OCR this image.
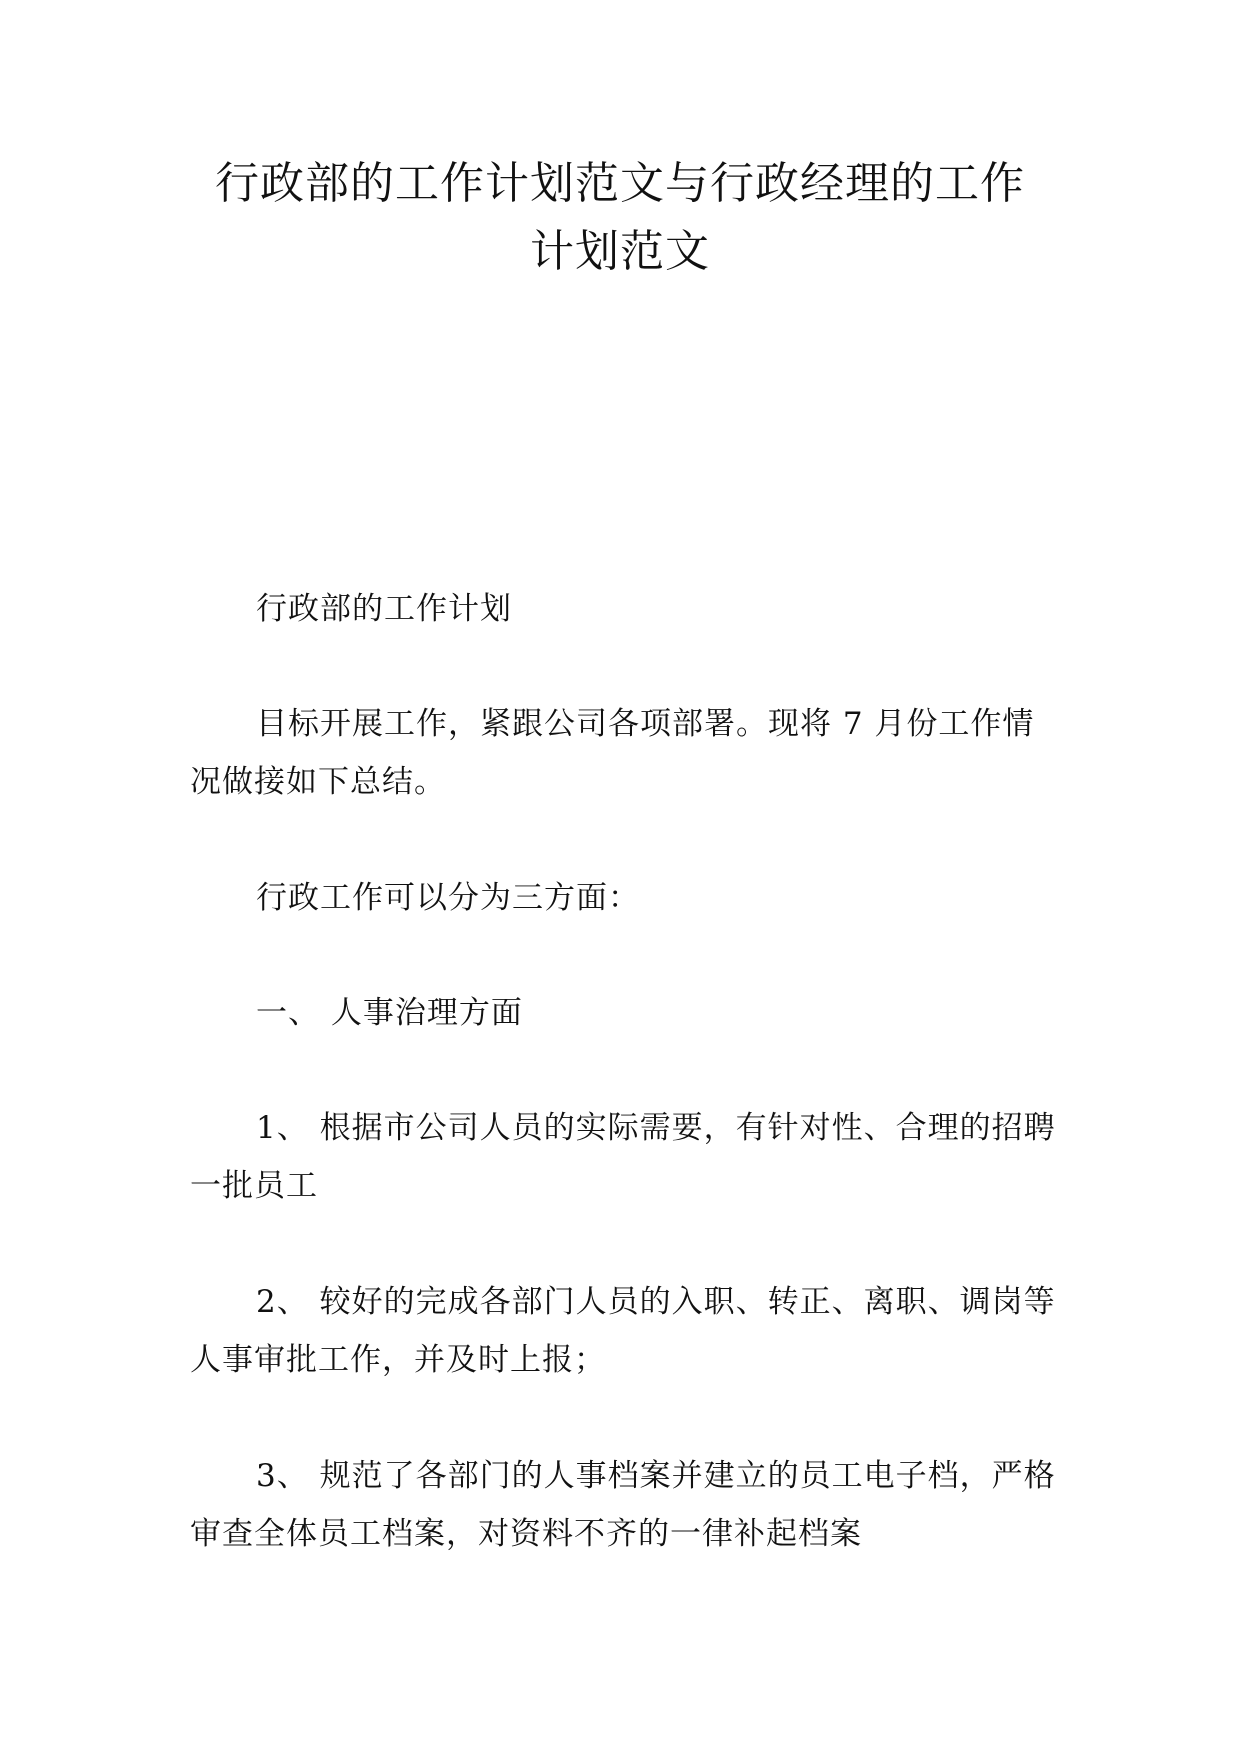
行政部的工作计划范文与行政经理的工作
计划范文

行政部的工作计划

目标开展工作，紧跟公司各项部署。现将 7 月份工作情况做接如下总结。

行政工作可以分为三方面：

一、 人事治理方面

1、 根据市公司人员的实际需要，有针对性、合理的招聘一批员工

2、 较好的完成各部门人员的入职、转正、离职、调岗等人事审批工作，并及时上报；

3、 规范了各部门的人事档案并建立的员工电子档，严格审查全体员工档案，对资料不齐的一律补起档案
